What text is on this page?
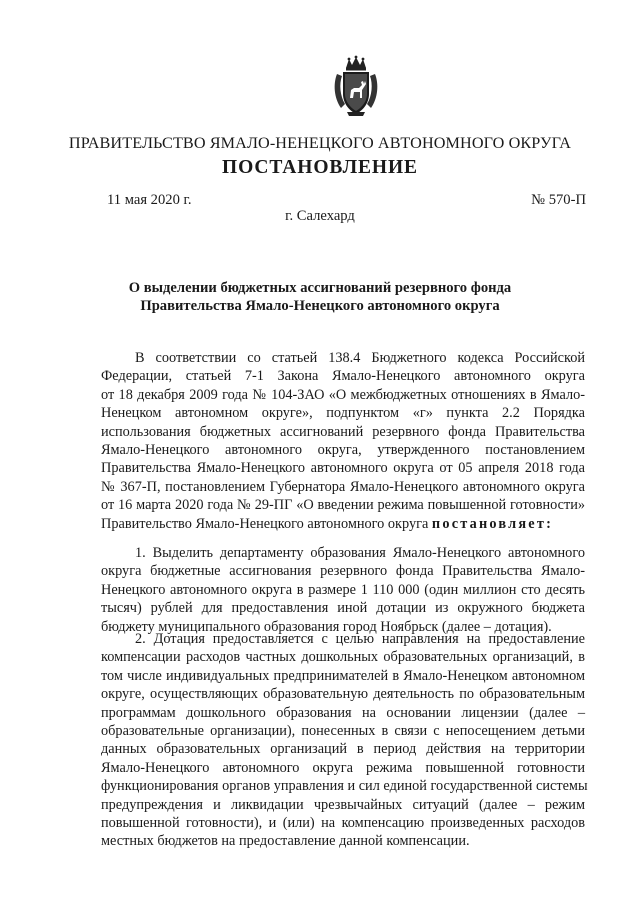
ПРАВИТЕЛЬСТВО ЯМАЛО-НЕНЕЦКОГО АВТОНОМНОГО ОКРУГА
ПОСТАНОВЛЕНИЕ
11 мая 2020 г.	№ 570-П
г. Салехард
О выделении бюджетных ассигнований резервного фонда
Правительства Ямало-Ненецкого автономного округа
В соответствии со статьей 138.4 Бюджетного кодекса Российской
Федерации, статьей 7-1 Закона Ямало-Ненецкого автономного округа
от 18 декабря 2009 года № 104-ЗАО «О межбюджетных отношениях в Ямало-
Ненецком автономном округе», подпунктом «г» пункта 2.2 Порядка
использования бюджетных ассигнований резервного фонда Правительства
Ямало-Ненецкого автономного округа, утвержденного постановлением
Правительства Ямало-Ненецкого автономного округа от 05 апреля 2018 года
№ 367-П, постановлением Губернатора Ямало-Ненецкого автономного округа
от 16 марта 2020 года № 29-ПГ «О введении режима повышенной готовности»
Правительство Ямало-Ненецкого автономного округа постановляет:
1. Выделить департаменту образования Ямало-Ненецкого автономного
округа бюджетные ассигнования резервного фонда Правительства Ямало-
Ненецкого автономного округа в размере 1 110 000 (один миллион сто десять
тысяч) рублей для предоставления иной дотации из окружного бюджета
бюджету муниципального образования город Ноябрьск (далее – дотация).
2. Дотация предоставляется с целью направления на предоставление
компенсации расходов частных дошкольных образовательных организаций, в
том числе индивидуальных предпринимателей в Ямало-Ненецком автономном
округе, осуществляющих образовательную деятельность по образовательным
программам дошкольного образования на основании лицензии (далее –
образовательные организации), понесенных в связи с непосещением детьми
данных образовательных организаций в период действия на территории
Ямало-Ненецкого автономного округа режима повышенной готовности
функционирования органов управления и сил единой государственной системы
предупреждения и ликвидации чрезвычайных ситуаций (далее – режим
повышенной готовности), и (или) на компенсацию произведенных расходов
местных бюджетов на предоставление данной компенсации.
